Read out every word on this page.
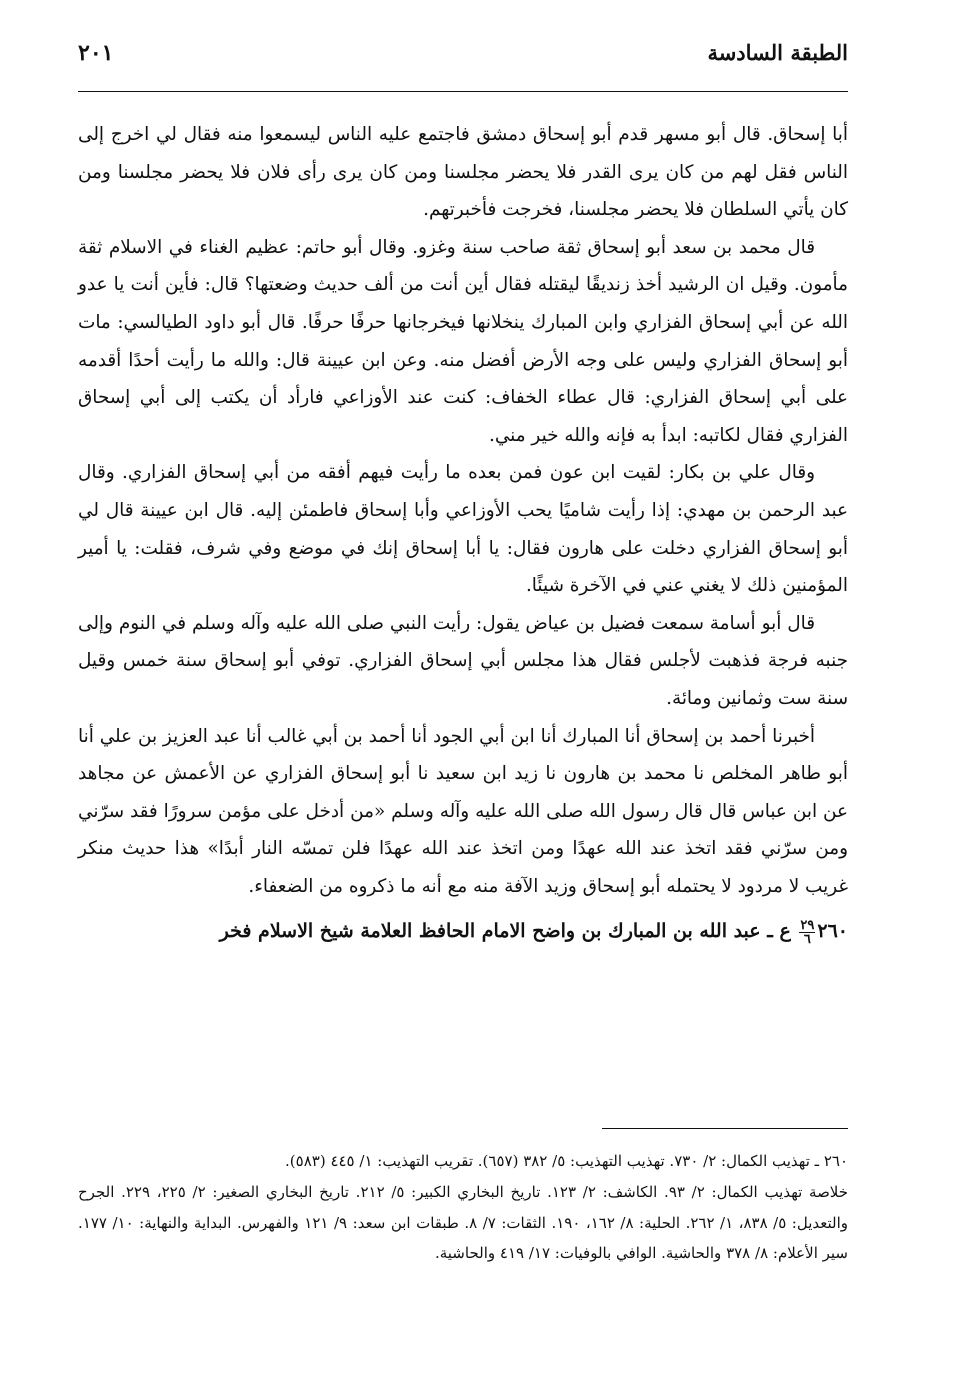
الطبقة السادسة
٢٠١

أبا إسحاق. قال أبو مسهر قدم أبو إسحاق دمشق فاجتمع عليه الناس ليسمعوا منه فقال لي اخرج إلى الناس فقل لهم من كان يرى القدر فلا يحضر مجلسنا ومن كان يرى رأى فلان فلا يحضر مجلسنا ومن كان يأتي السلطان فلا يحضر مجلسنا، فخرجت فأخبرتهم.

قال محمد بن سعد أبو إسحاق ثقة صاحب سنة وغزو. وقال أبو حاتم: عظيم الغناء في الاسلام ثقة مأمون. وقيل ان الرشيد أخذ زنديقًا ليقتله فقال أين أنت من ألف حديث وضعتها؟ قال: فأين أنت يا عدو الله عن أبي إسحاق الفزاري وابن المبارك ينخلانها فيخرجانها حرفًا حرفًا. قال أبو داود الطيالسي: مات أبو إسحاق الفزاري وليس على وجه الأرض أفضل منه. وعن ابن عيينة قال: والله ما رأيت أحدًا أقدمه على أبي إسحاق الفزاري: قال عطاء الخفاف: كنت عند الأوزاعي فارأد أن يكتب إلى أبي إسحاق الفزاري فقال لكاتبه: ابدأ به فإنه والله خير مني.

وقال علي بن بكار: لقيت ابن عون فمن بعده ما رأيت فيهم أفقه من أبي إسحاق الفزاري. وقال عبد الرحمن بن مهدي: إذا رأيت شاميًا يحب الأوزاعي وأبا إسحاق فاطمئن إليه. قال ابن عيينة قال لي أبو إسحاق الفزاري دخلت على هارون فقال: يا أبا إسحاق إنك في موضع وفي شرف، فقلت: يا أمير المؤمنين ذلك لا يغني عني في الآخرة شيئًا.

قال أبو أسامة سمعت فضيل بن عياض يقول: رأيت النبي صلى الله عليه وآله وسلم في النوم وإلى جنبه فرجة فذهبت لأجلس فقال هذا مجلس أبي إسحاق الفزاري. توفي أبو إسحاق سنة خمس وقيل سنة ست وثمانين ومائة.

أخبرنا أحمد بن إسحاق أنا المبارك أنا ابن أبي الجود أنا أحمد بن أبي غالب أنا عبد العزيز بن علي أنا أبو طاهر المخلص نا محمد بن هارون نا زيد ابن سعيد نا أبو إسحاق الفزاري عن الأعمش عن مجاهد عن ابن عباس قال قال رسول الله صلى الله عليه وآله وسلم «من أدخل على مؤمن سرورًا فقد سرّني ومن سرّني فقد اتخذ عند الله عهدًا ومن اتخذ عند الله عهدًا فلن تمسّه النار أبدًا» هذا حديث منكر غريب لا مردود لا يحتمله أبو إسحاق وزيد الآفة منه مع أنه ما ذكروه من الضعفاء.

٢٦٠
$\frac{٢٩}{٦}$
ع ـ عبد الله بن المبارك بن واضح الامام الحافظ العلامة شيخ الاسلام فخر

٢٦٠ ـ تهذيب الكمال: ٢/ ٧٣٠. تهذيب التهذيب: ٥/ ٣٨٢ (٦٥٧). تقريب التهذيب: ١/ ٤٤٥ (٥٨٣).

خلاصة تهذيب الكمال: ٢/ ٩٣. الكاشف: ٢/ ١٢٣. تاريخ البخاري الكبير: ٥/ ٢١٢. تاريخ البخاري الصغير: ٢/ ٢٢٥، ٢٢٩. الجرح والتعديل: ٥/ ٨٣٨، ١/ ٢٦٢. الحلية: ٨/ ١٦٢، ١٩٠. الثقات: ٧/ ٨. طبقات ابن سعد: ٩/ ١٢١ والفهرس. البداية والنهاية: ١٠/ ١٧٧. سير الأعلام: ٨/ ٣٧٨ والحاشية. الوافي بالوفيات: ١٧/ ٤١٩ والحاشية.
